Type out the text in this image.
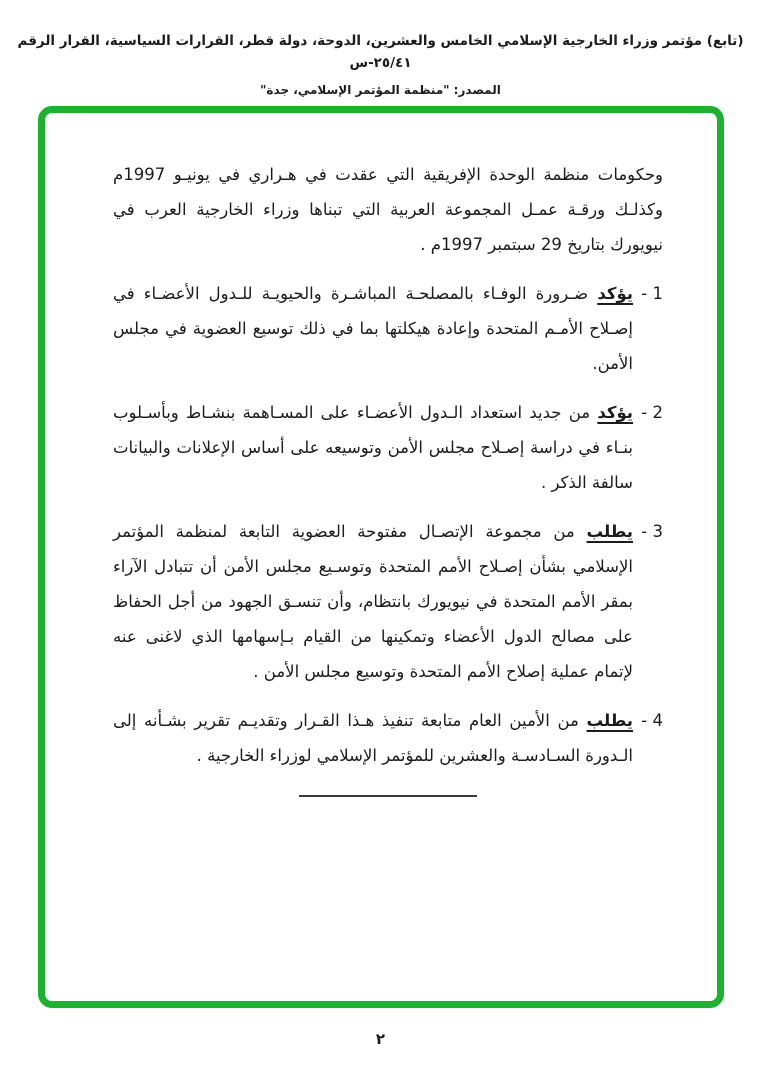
(تابع) مؤتمر وزراء الخارجية الإسلامي الخامس والعشرين، الدوحة، دولة قطر، القرارات السياسية، القرار الرقم ٢٥/٤١-س
المصدر: "منظمة المؤتمر الإسلامي، جدة"

وحكومات منظمة الوحدة الإفريقية التي عقدت في هـراري في يونيـو 1997م وكذلـك ورقـة عمـل المجموعة العربية التي تبناها وزراء الخارجية العرب في نيويورك بتاريخ 29 سبتمبر 1997م .

1 -

يؤكد ضـرورة الوفـاء بالمصلحـة المباشـرة والحيويـة للـدول الأعضـاء في إصـلاح الأمـم المتحدة وإعادة هيكلتها بما في ذلك توسيع العضوية في مجلس الأمن.

2 -

يؤكد من جديد استعداد الـدول الأعضـاء على المسـاهمة بنشـاط وبأسـلوب بنـاء في دراسة إصـلاح مجلس الأمن وتوسيعه على أساس الإعلانات والبيانات سالفة الذكر .

3 -

يطلب من مجموعة الإتصـال مفتوحة العضوية التابعة لمنظمة المؤتمر الإسلامي بشأن إصـلاح الأمم المتحدة وتوسـيع مجلس الأمن أن تتبادل الآراء بمقر الأمم المتحدة في نيويورك بانتظام، وأن تنسـق الجهود من أجل الحفاظ على مصالح الدول الأعضاء وتمكينها من القيام بـإسهامها الذي لاغنى عنه لإتمام عملية إصلاح الأمم المتحدة وتوسيع مجلس الأمن .

4 -

يطلب من الأمين العام متابعة تنفيذ هـذا القـرار وتقديـم تقرير بشـأنه إلى الـدورة السـادسـة والعشرين للمؤتمر الإسلامي لوزراء الخارجية .

٢
